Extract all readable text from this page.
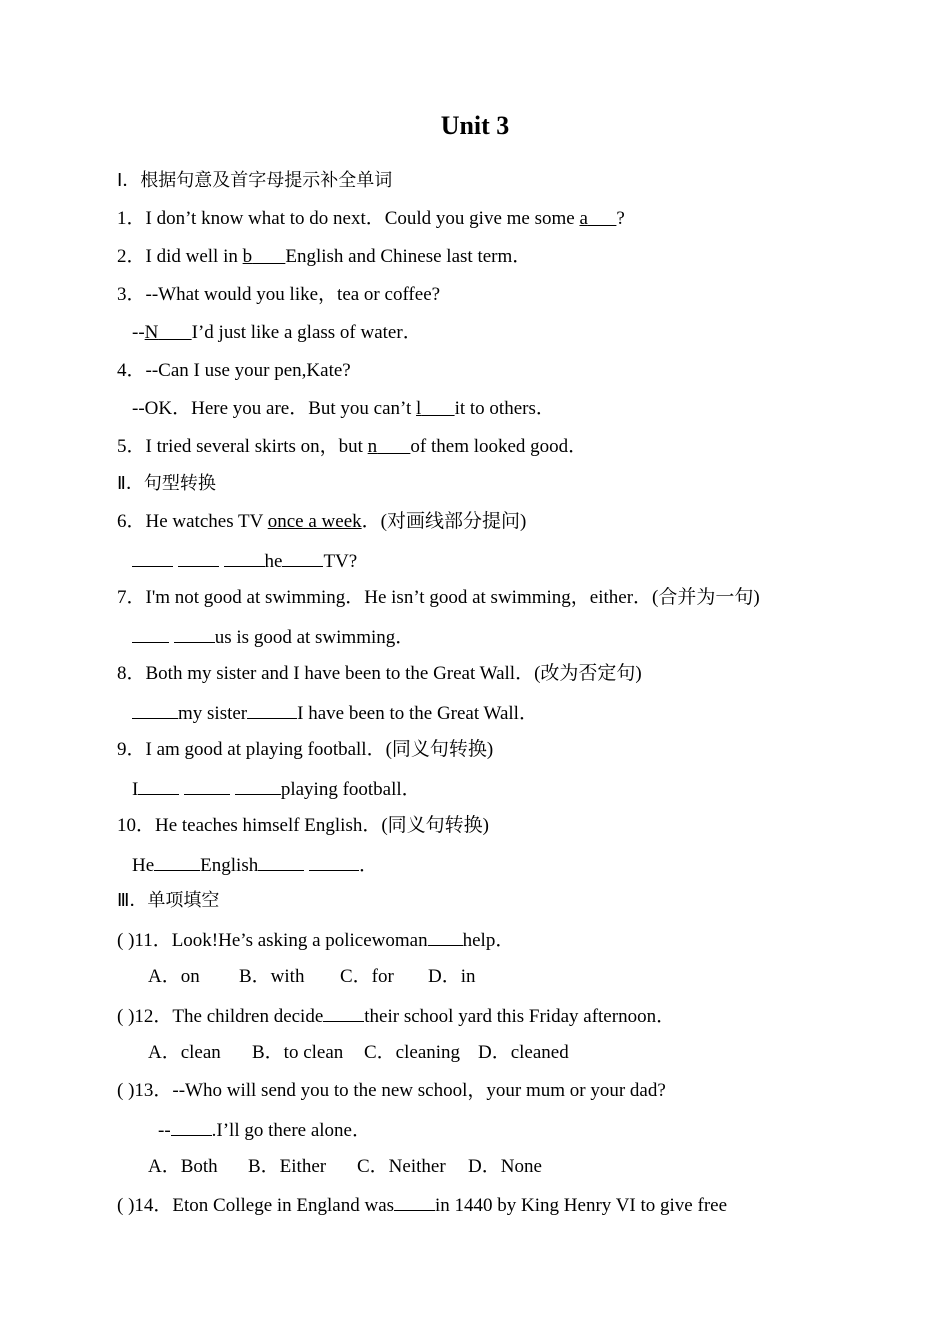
Unit 3
I．根据句意及首字母提示补全单词
1．I don’t know what to do next．Could you give me some a ?
2．I did well in b English and Chinese last term．
3．--What would you like，tea or coffee?
--N I’d just like a glass of water．
4．--Can I use your pen,Kate?
--OK．Here you are．But you can’t l it to others．
5．I tried several skirts on，but n of them looked good．
Ⅱ．句型转换
6．He watches TV once a week．(对画线部分提问)
he TV?
7．I'm not good at swimming．He isn’t good at swimming，either．(合并为一句)
us is good at swimming．
8．Both my sister and I have been to the Great Wall．(改为否定句)
my sister	I have been to the Great Wall．
9．I am good at playing football．(同义句转换)
I	playing football．
10．He teaches himself English．(同义句转换)
He English	．
Ⅲ．单项填空
( )11．Look!He’s asking a policewoman help．
A．on B．with C．for D．in
( )12．The children decide their school yard this Friday afternoon．
A．clean B．to clean C．cleaning D．cleaned
( )13．--Who will send you to the new school，your mum or your dad?
-- .I’ll go there alone．
A．Both B．Either C．Neither D．None
( )14．Eton College in England was in 1440 by King Henry VI to give free
